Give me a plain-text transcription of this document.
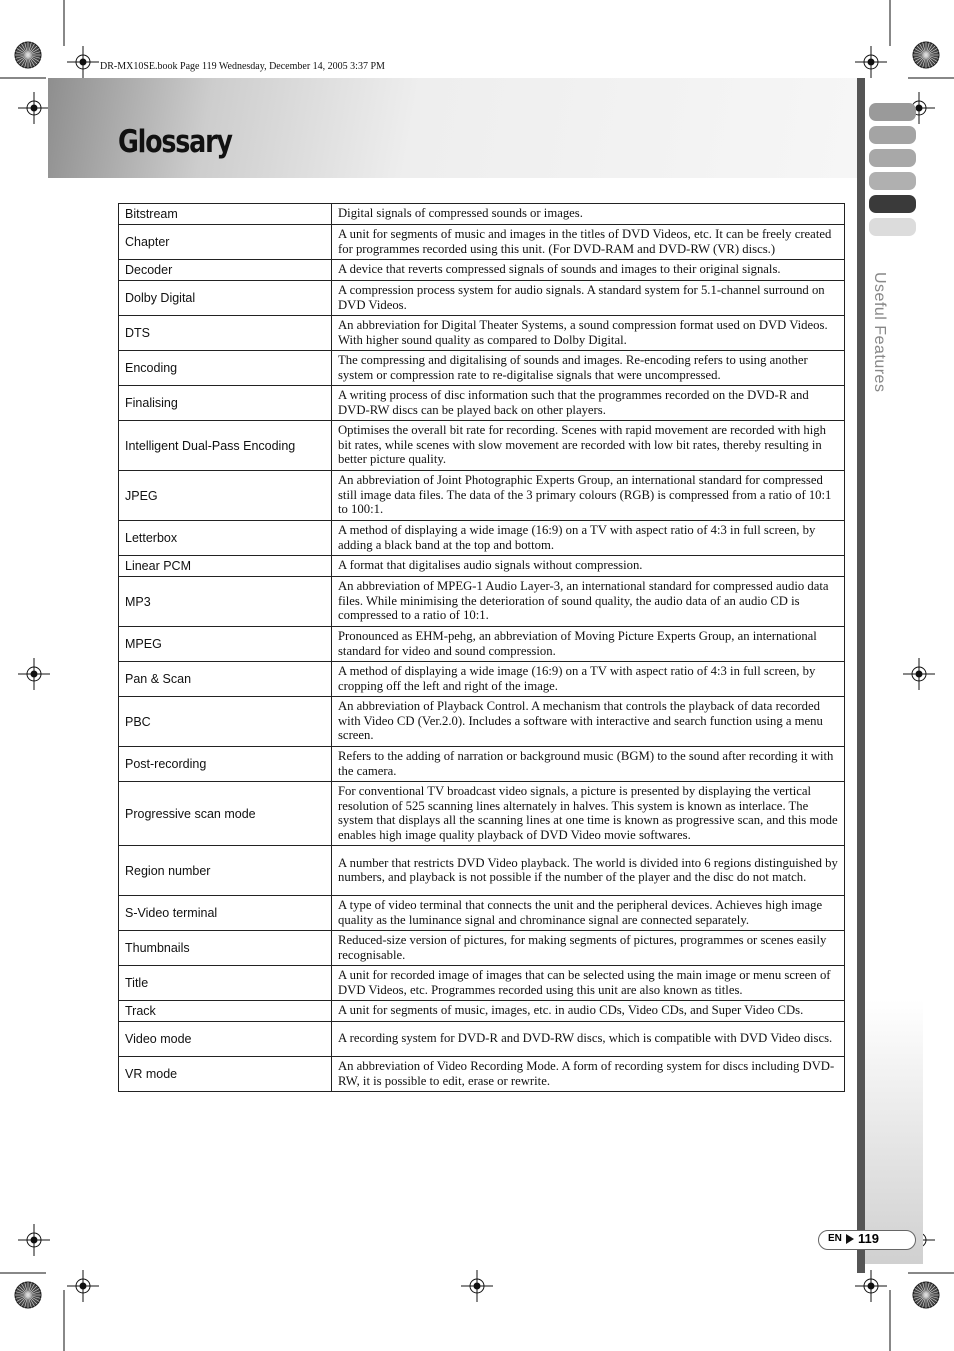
DR-MX10SE.book Page 119 Wednesday, December 14, 2005 3:37 PM
Glossary
Useful Features
Bitstream	Digital signals of compressed sounds or images.
Chapter	A unit for segments of music and images in the titles of DVD Videos, etc. It can be freely created for programmes recorded using this unit. (For DVD-RAM and DVD-RW (VR) discs.)
Decoder	A device that reverts compressed signals of sounds and images to their original signals.
Dolby Digital	A compression process system for audio signals. A standard system for 5.1-channel surround on DVD Videos.
DTS	An abbreviation for Digital Theater Systems, a sound compression format used on DVD Videos. With higher sound quality as compared to Dolby Digital.
Encoding	The compressing and digitalising of sounds and images. Re-encoding refers to using another system or compression rate to re-digitalise signals that were uncompressed.
Finalising	A writing process of disc information such that the programmes recorded on the DVD-R and DVD-RW discs can be played back on other players.
Intelligent Dual-Pass Encoding	Optimises the overall bit rate for recording. Scenes with rapid movement are recorded with high bit rates, while scenes with slow movement are recorded with low bit rates, thereby resulting in better picture quality.
JPEG	An abbreviation of Joint Photographic Experts Group, an international standard for compressed still image data files. The data of the 3 primary colours (RGB) is compressed from a ratio of 10:1 to 100:1.
Letterbox	A method of displaying a wide image (16:9) on a TV with aspect ratio of 4:3 in full screen, by adding a black band at the top and bottom.
Linear PCM	A format that digitalises audio signals without compression.
MP3	An abbreviation of MPEG-1 Audio Layer-3, an international standard for compressed audio data files. While minimising the deterioration of sound quality, the audio data of an audio CD is compressed to a ratio of 10:1.
MPEG	Pronounced as EHM-pehg, an abbreviation of Moving Picture Experts Group, an international standard for video and sound compression.
Pan & Scan	A method of displaying a wide image (16:9) on a TV with aspect ratio of 4:3 in full screen, by cropping off the left and right of the image.
PBC	An abbreviation of Playback Control. A mechanism that controls the playback of data recorded with Video CD (Ver.2.0). Includes a software with interactive and search function using a menu screen.
Post-recording	Refers to the adding of narration or background music (BGM) to the sound after recording it with the camera.
Progressive scan mode	For conventional TV broadcast video signals, a picture is presented by displaying the vertical resolution of 525 scanning lines alternately in halves. This system is known as interlace. The system that displays all the scanning lines at one time is known as progressive scan, and this mode enables high image quality playback of DVD Video movie softwares.
Region number	A number that restricts DVD Video playback. The world is divided into 6 regions distinguished by numbers, and playback is not possible if the number of the player and the disc do not match.
S-Video terminal	A type of video terminal that connects the unit and the peripheral devices. Achieves high image quality as the luminance signal and chrominance signal are connected separately.
Thumbnails	Reduced-size version of pictures, for making segments of pictures, programmes or scenes easily recognisable.
Title	A unit for recorded image of images that can be selected using the main image or menu screen of DVD Videos, etc. Programmes recorded using this unit are also known as titles.
Track	A unit for segments of music, images, etc. in audio CDs, Video CDs, and Super Video CDs.
Video mode	A recording system for DVD-R and DVD-RW discs, which is compatible with DVD Video discs.
VR mode	An abbreviation of Video Recording Mode. A form of recording system for discs including DVD-RW, it is possible to edit, erase or rewrite.
EN 119
